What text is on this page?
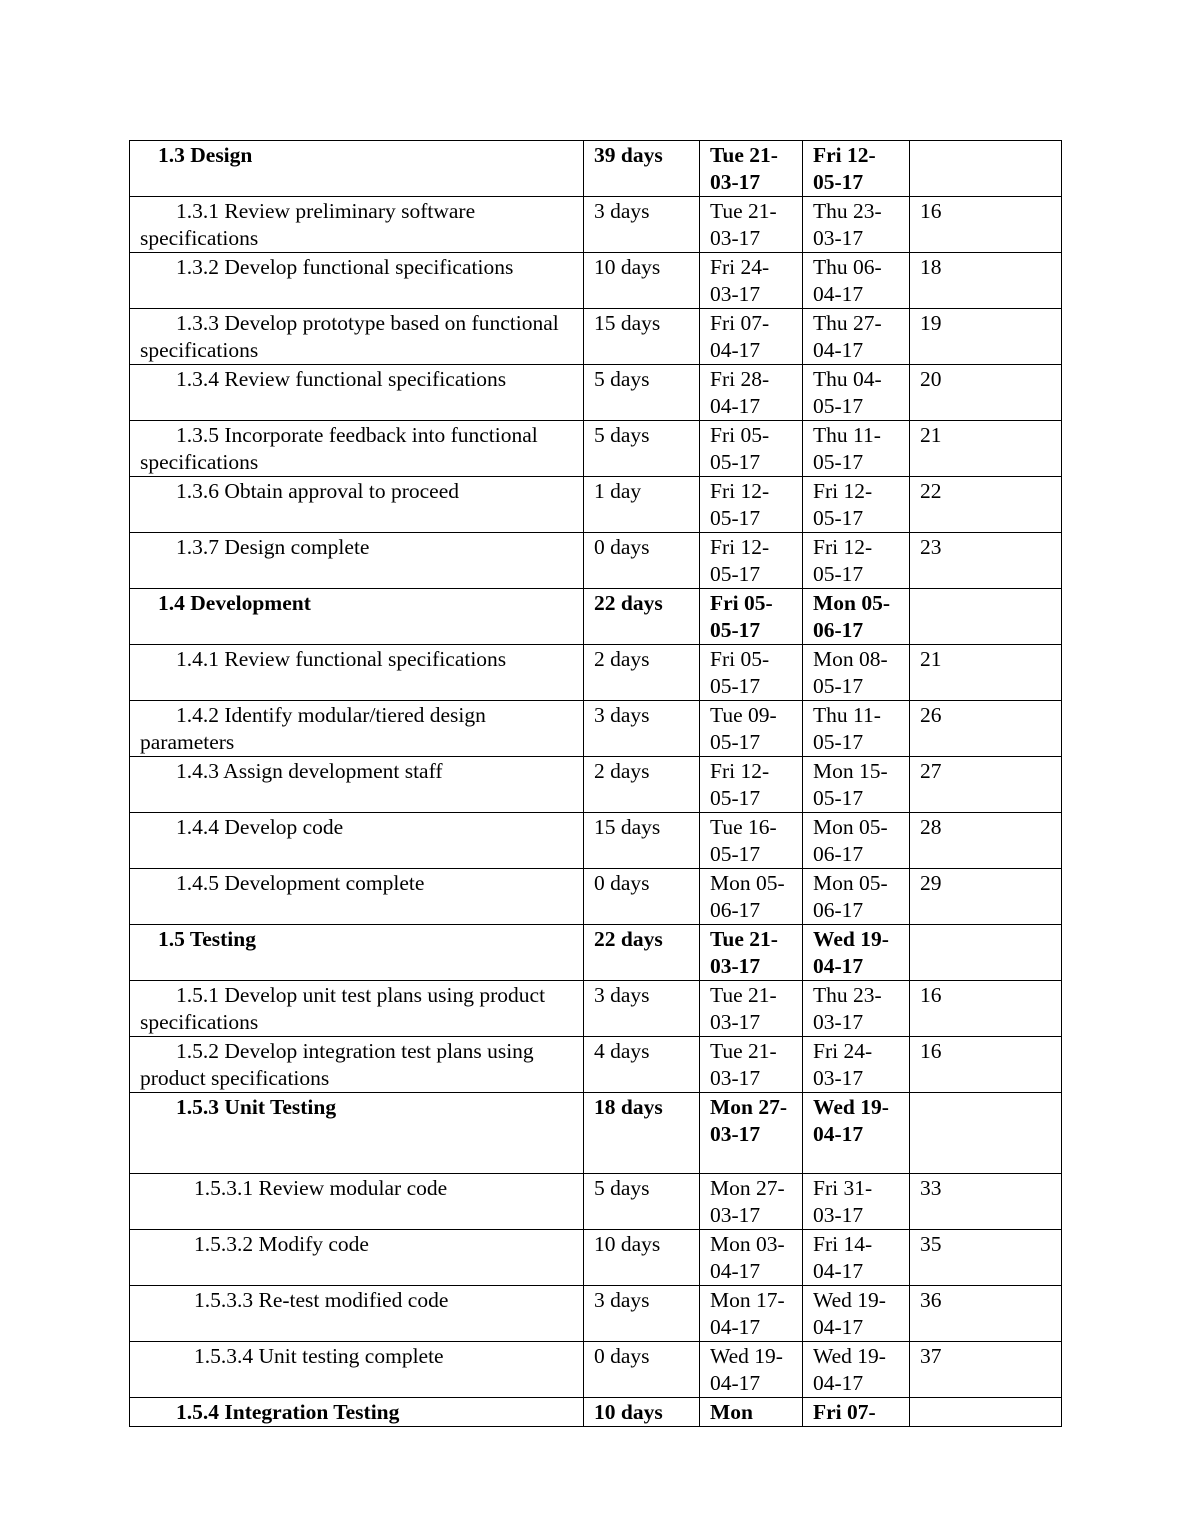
1.3 Design	39 days	Tue 21-03-17	Fri 12-05-17	

1.3.1 Review preliminary software specifications	3 days	Tue 21-03-17	Thu 23-03-17	16

1.3.2 Develop functional specifications	10 days	Fri 24-03-17	Thu 06-04-17	18

1.3.3 Develop prototype based on functional specifications	15 days	Fri 07-04-17	Thu 27-04-17	19

1.3.4 Review functional specifications	5 days	Fri 28-04-17	Thu 04-05-17	20

1.3.5 Incorporate feedback into functional specifications	5 days	Fri 05-05-17	Thu 11-05-17	21

1.3.6 Obtain approval to proceed	1 day	Fri 12-05-17	Fri 12-05-17	22

1.3.7 Design complete	0 days	Fri 12-05-17	Fri 12-05-17	23

1.4 Development	22 days	Fri 05-05-17	Mon 05-06-17	

1.4.1 Review functional specifications	2 days	Fri 05-05-17	Mon 08-05-17	21

1.4.2 Identify modular/tiered design parameters	3 days	Tue 09-05-17	Thu 11-05-17	26

1.4.3 Assign development staff	2 days	Fri 12-05-17	Mon 15-05-17	27

1.4.4 Develop code	15 days	Tue 16-05-17	Mon 05-06-17	28

1.4.5 Development complete	0 days	Mon 05-06-17	Mon 05-06-17	29

1.5 Testing	22 days	Tue 21-03-17	Wed 19-04-17	

1.5.1 Develop unit test plans using product specifications	3 days	Tue 21-03-17	Thu 23-03-17	16

1.5.2 Develop integration test plans using product specifications	4 days	Tue 21-03-17	Fri 24-03-17	16

1.5.3 Unit Testing	18 days	Mon 27-03-17	Wed 19-04-17	

1.5.3.1 Review modular code	5 days	Mon 27-03-17	Fri 31-03-17	33

1.5.3.2 Modify code	10 days	Mon 03-04-17	Fri 14-04-17	35

1.5.3.3 Re-test modified code	3 days	Mon 17-04-17	Wed 19-04-17	36

1.5.3.4 Unit testing complete	0 days	Wed 19-04-17	Wed 19-04-17	37

1.5.4 Integration Testing	10 days	Mon	Fri 07-	
